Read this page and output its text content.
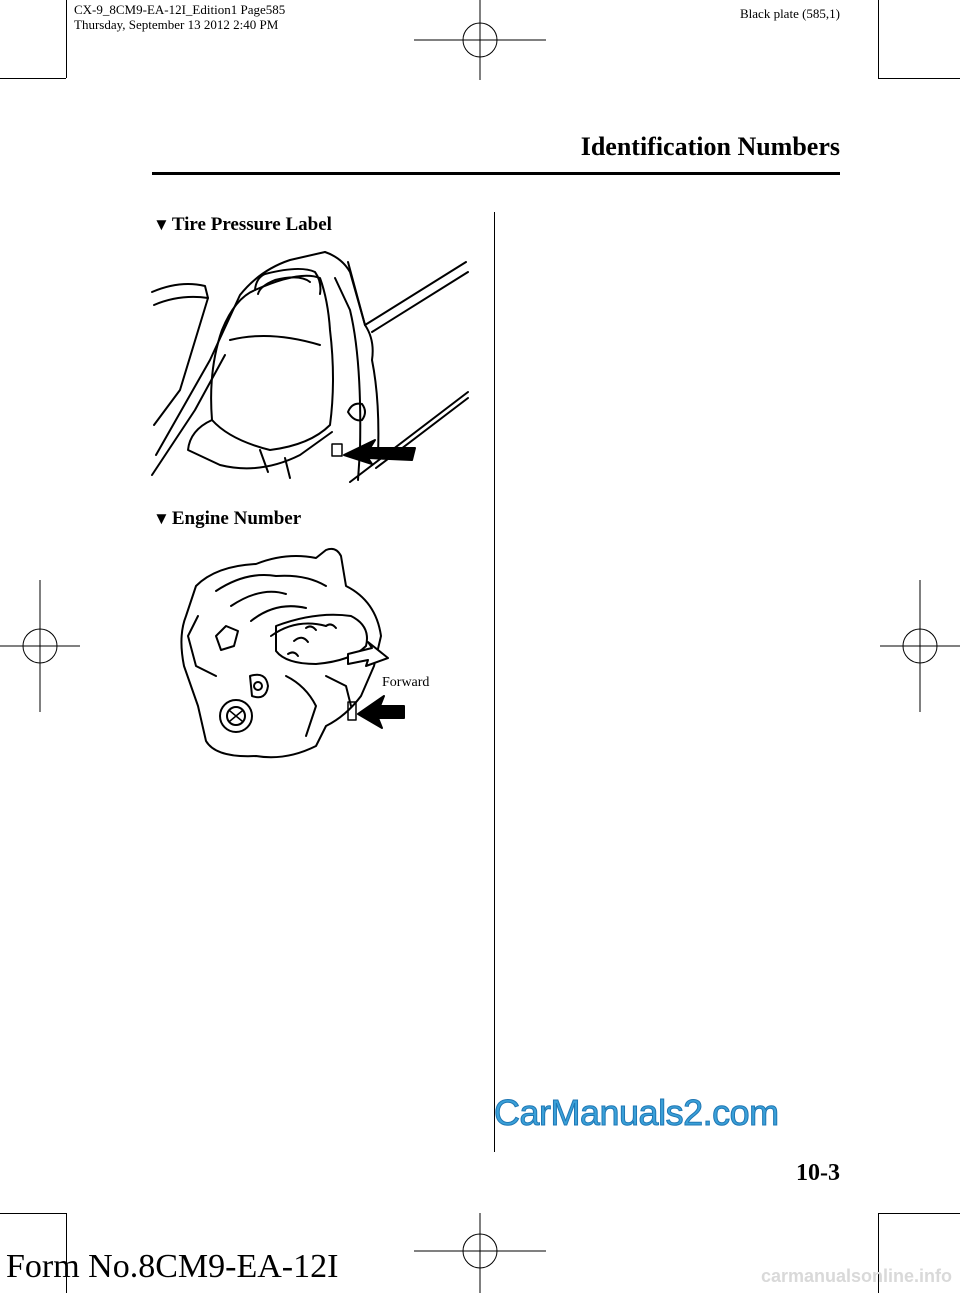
CX-9_8CM9-EA-12I_Edition1 Page585
Thursday, September 13 2012 2:40 PM
Black plate (585,1)
Identification Numbers
▼ Tire Pressure Label
▼ Engine Number
Forward
10-3
Form No.8CM9-EA-12I
CarManuals2.com
carmanualsonline.info
